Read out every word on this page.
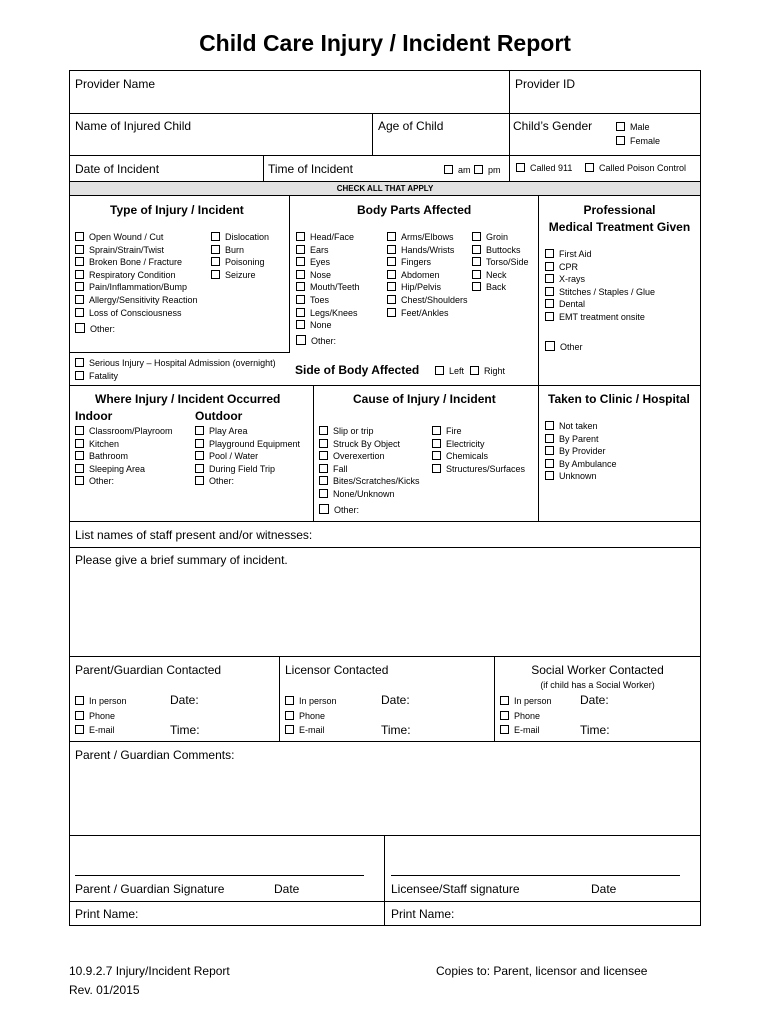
Child Care Injury / Incident Report
Provider Name	Provider ID
Name of Injured Child	Age of Child	Child’s Gender	Male
Female
Date of Incident	Time of Incident	am	pm	Called 911	Called Poison Control
CHECK ALL THAT APPLY
Type of Injury / Incident
Open Wound / Cut
Sprain/Strain/Twist
Broken Bone / Fracture
Respiratory Condition
Pain/Inflammation/Bump
Allergy/Sensitivity Reaction
Loss of Consciousness
Dislocation
Burn
Poisoning
Seizure
Other:
Serious Injury – Hospital Admission (overnight)
Fatality
Body Parts Affected
Head/Face
Ears
Eyes
Nose
Mouth/Teeth
Toes
Legs/Knees
None
Arms/Elbows
Hands/Wrists
Fingers
Abdomen
Hip/Pelvis
Chest/Shoulders
Feet/Ankles
Groin
Buttocks
Torso/Side
Neck
Back
Other:
Side of Body Affected	Left	Right
Professional
Medical Treatment Given
First Aid
CPR
X-rays
Stitches / Staples / Glue
Dental
EMT treatment onsite
Other
Where Injury / Incident Occurred
Indoor	Outdoor
Classroom/Playroom
Kitchen
Bathroom
Sleeping Area
Other:
Play Area
Playground Equipment
Pool / Water
During Field Trip
Other:
Cause of Injury / Incident
Slip or trip
Struck By Object
Overexertion
Fall
Bites/Scratches/Kicks
None/Unknown
Fire
Electricity
Chemicals
Structures/Surfaces
Other:
Taken to Clinic / Hospital
Not taken
By Parent
By Provider
By Ambulance
Unknown
List names of staff present and/or witnesses:
Please give a brief summary of incident.
Parent/Guardian Contacted
In person
Phone
E-mail
Date:
Time:
Licensor Contacted
In person
Phone
E-mail
Date:
Time:
Social Worker Contacted
(if child has a Social Worker)
In person
Phone
E-mail
Date:
Time:
Parent / Guardian Comments:
Parent / Guardian Signature	Date	Licensee/Staff signature	Date
Print Name:	Print Name:
10.9.2.7 Injury/Incident Report
Rev. 01/2015
Copies to: Parent, licensor and licensee
